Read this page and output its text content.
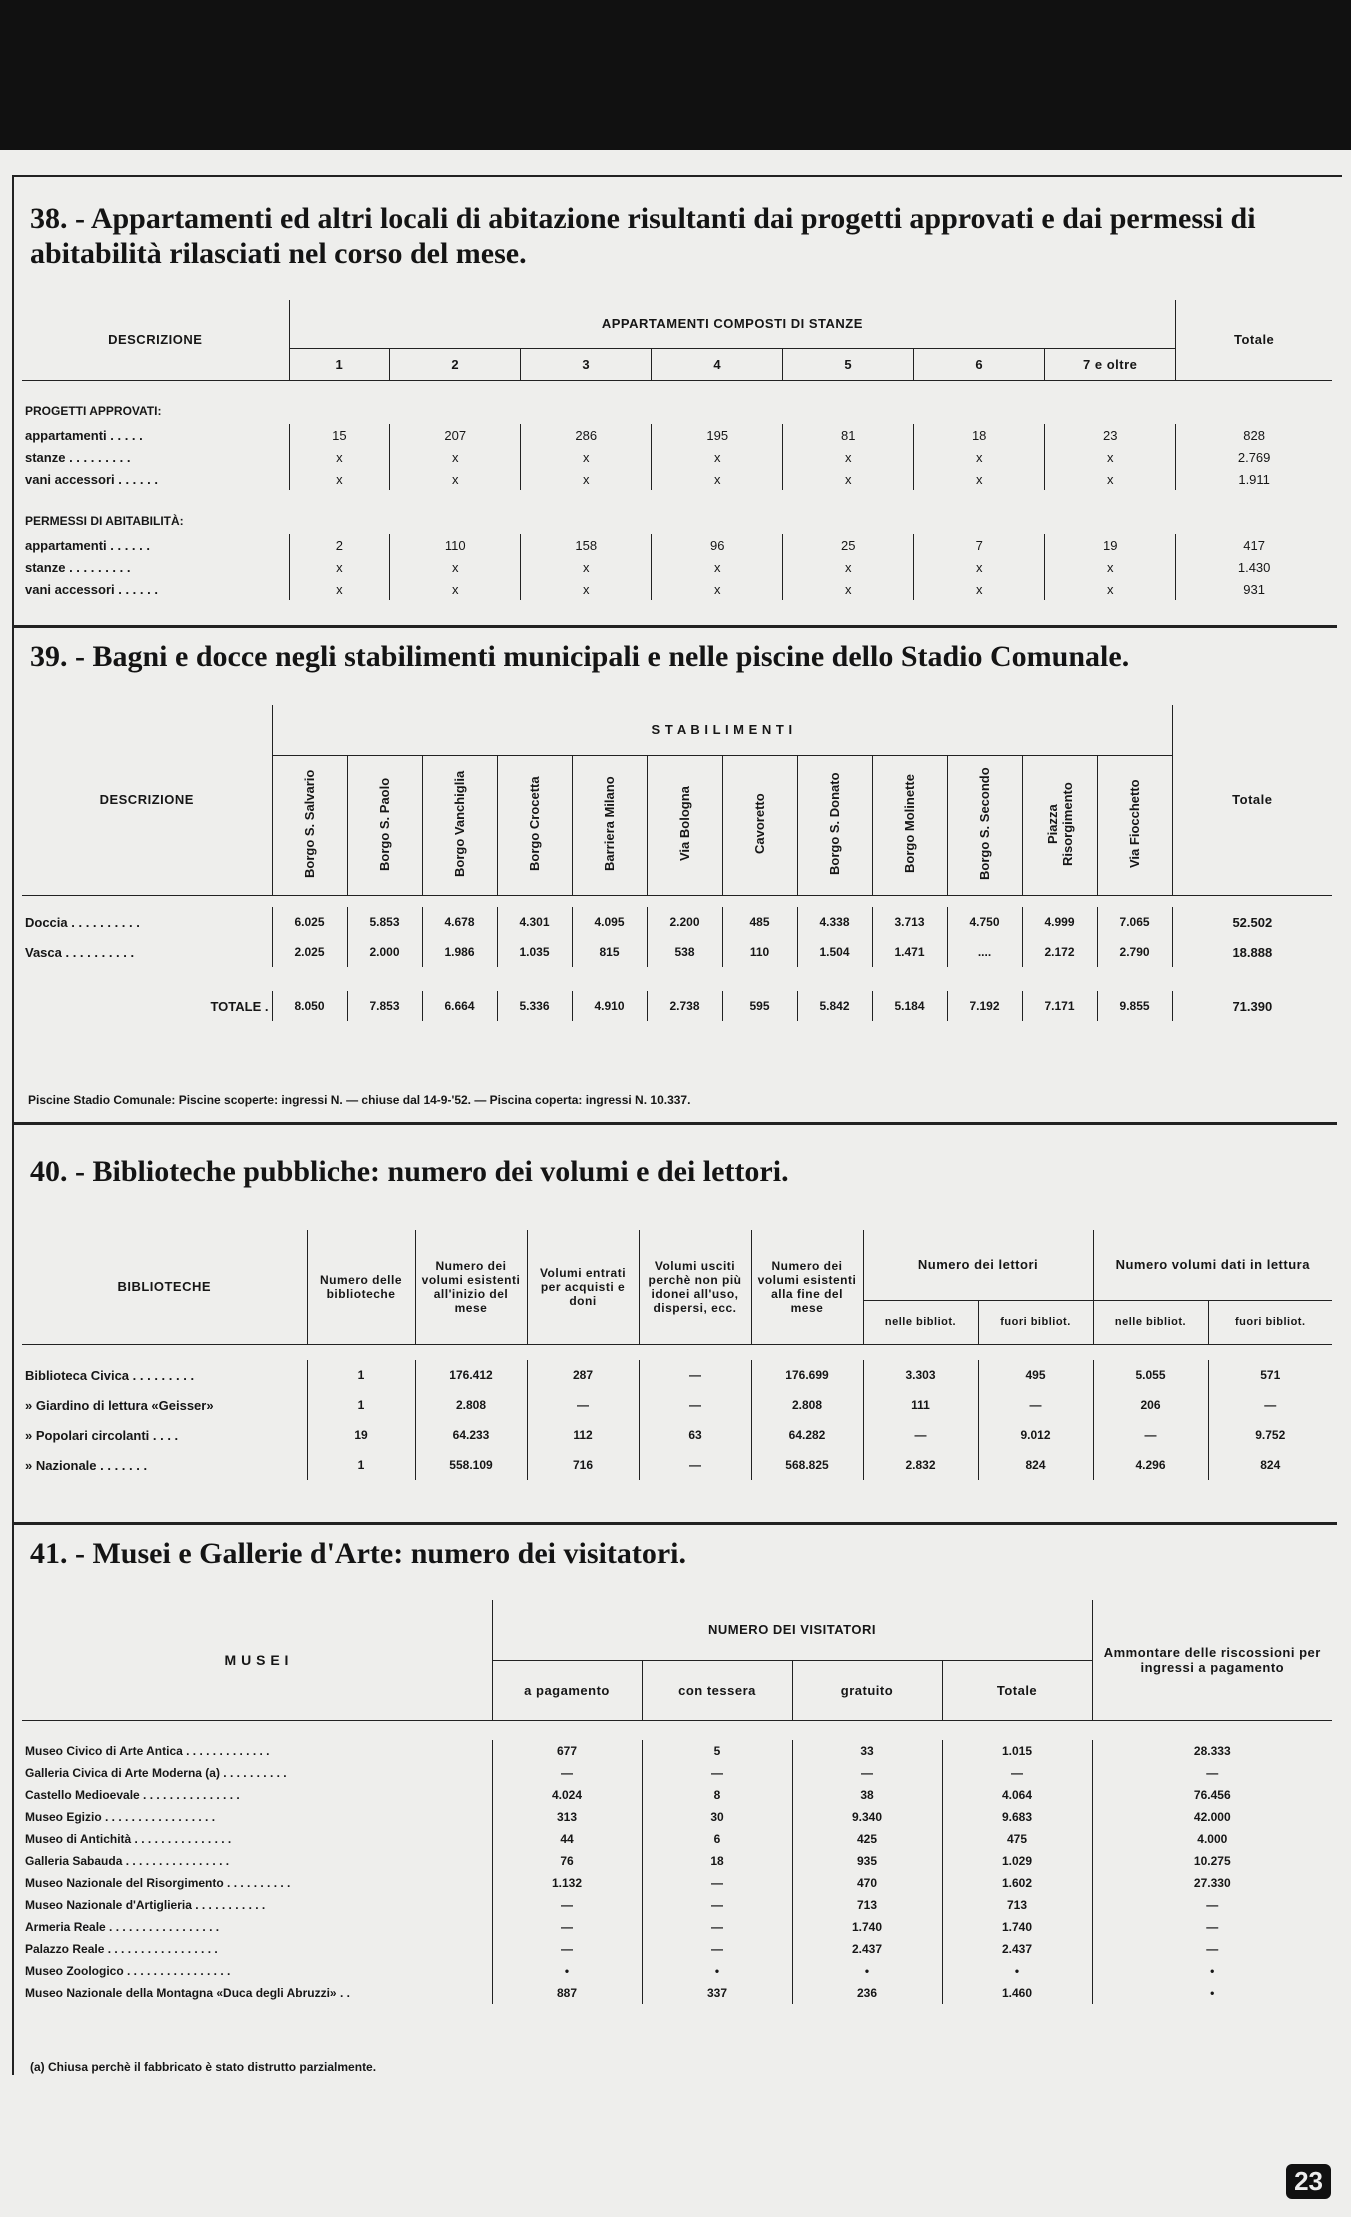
38. - Appartamenti ed altri locali di abitazione risultanti dai progetti approvati e dai permessi di abitabilità rilasciati nel corso del mese.
DESCRIZIONE	APPARTAMENTI COMPOSTI DI STANZE							Totale
	1	2	3	4	5	6	7 e oltre	

PROGETTI APPROVATI:								
appartamenti . . . . .	15	207	286	195	81	18	23	828
stanze . . . . . . . . .	x	x	x	x	x	x	x	2.769
vani accessori . . . . . .	x	x	x	x	x	x	x	1.911

PERMESSI DI ABITABILITÀ:								
appartamenti . . . . . .	2	110	158	96	25	7	19	417
stanze . . . . . . . . .	x	x	x	x	x	x	x	1.430
vani accessori . . . . . .	x	x	x	x	x	x	x	931
39. - Bagni e docce negli stabilimenti municipali e nelle piscine dello Stadio Comunale.
DESCRIZIONE	S T A B I L I M E N T I												Totale
	Borgo S. Salvario	Borgo S. Paolo	Borgo Vanchiglia	Borgo Crocetta	Barriera Milano	Via Bologna	Cavoretto	Borgo S. Donato	Borgo Molinette	Borgo S. Secondo	Piazza Risorgimento	Via Fiocchetto	

Doccia . . . . . . . . . .	6.025	5.853	4.678	4.301	4.095	2.200	485	4.338	3.713	4.750	4.999	7.065	52.502
Vasca . . . . . . . . . .	2.025	2.000	1.986	1.035	815	538	110	1.504	1.471	....	2.172	2.790	18.888

TOTALE .	8.050	7.853	6.664	5.336	4.910	2.738	595	5.842	5.184	7.192	7.171	9.855	71.390
Piscine Stadio Comunale: Piscine scoperte: ingressi N. — chiuse dal 14-9-'52. — Piscina coperta: ingressi N. 10.337.
40. - Biblioteche pubbliche: numero dei volumi e dei lettori.
BIBLIOTECHE	Numero delle biblioteche	Numero dei volumi esistenti all'inizio del mese	Volumi entrati per acquisti e doni	Volumi usciti perchè non più idonei all'uso, dispersi, ecc.	Numero dei volumi esistenti alla fine del mese	Numero dei lettori		Numero volumi dati in lettura	
						nelle bibliot.	fuori bibliot.	nelle bibliot.	fuori bibliot.

Biblioteca Civica . . . . . . . . .	1	176.412	287	—	176.699	3.303	495	5.055	571
» Giardino di lettura «Geisser»	1	2.808	—	—	2.808	111	—	206	—
» Popolari circolanti . . . .	19	64.233	112	63	64.282	—	9.012	—	9.752
» Nazionale . . . . . . .	1	558.109	716	—	568.825	2.832	824	4.296	824
41. - Musei e Gallerie d'Arte: numero dei visitatori.
M U S E I	NUMERO DEI VISITATORI				Ammontare delle riscossioni per ingressi a pagamento
	a pagamento	con tessera	gratuito	Totale	

Museo Civico di Arte Antica . . . . . . . . . . . . .	677	5	33	1.015	28.333
Galleria Civica di Arte Moderna (a) . . . . . . . . . .	—	—	—	—	—
Castello Medioevale . . . . . . . . . . . . . . .	4.024	8	38	4.064	76.456
Museo Egizio . . . . . . . . . . . . . . . . .	313	30	9.340	9.683	42.000
Museo di Antichità . . . . . . . . . . . . . . .	44	6	425	475	4.000
Galleria Sabauda . . . . . . . . . . . . . . . .	76	18	935	1.029	10.275
Museo Nazionale del Risorgimento . . . . . . . . . .	1.132	—	470	1.602	27.330
Museo Nazionale d'Artiglieria . . . . . . . . . . .	—	—	713	713	—
Armeria Reale . . . . . . . . . . . . . . . . .	—	—	1.740	1.740	—
Palazzo Reale . . . . . . . . . . . . . . . . .	—	—	2.437	2.437	—
Museo Zoologico . . . . . . . . . . . . . . . .	•	•	•	•	•
Museo Nazionale della Montagna «Duca degli Abruzzi» . .	887	337	236	1.460	•
(a) Chiusa perchè il fabbricato è stato distrutto parzialmente.
23
